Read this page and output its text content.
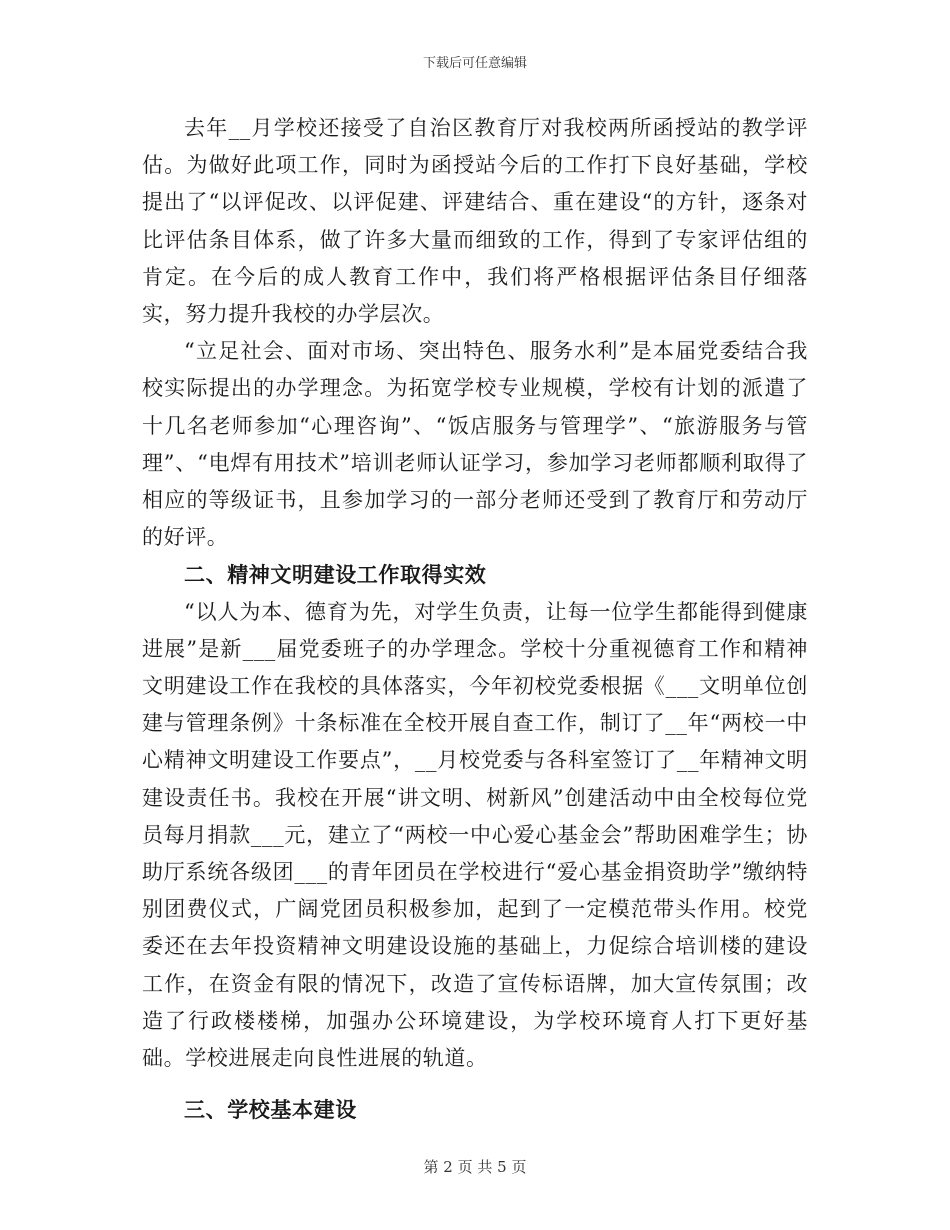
下载后可任意编辑

去年__月学校还接受了自治区教育厅对我校两所函授站的教学评估。为做好此项工作，同时为函授站今后的工作打下良好基础，学校提出了“以评促改、以评促建、评建结合、重在建设“的方针，逐条对比评估条目体系，做了许多大量而细致的工作，得到了专家评估组的肯定。在今后的成人教育工作中，我们将严格根据评估条目仔细落实，努力提升我校的办学层次。

“立足社会、面对市场、突出特色、服务水利”是本届党委结合我校实际提出的办学理念。为拓宽学校专业规模，学校有计划的派遣了十几名老师参加“心理咨询”、“饭店服务与管理学”、“旅游服务与管理”、“电焊有用技术”培训老师认证学习，参加学习老师都顺利取得了相应的等级证书，且参加学习的一部分老师还受到了教育厅和劳动厅的好评。

二、精神文明建设工作取得实效

“以人为本、德育为先，对学生负责，让每一位学生都能得到健康进展”是新___届党委班子的办学理念。学校十分重视德育工作和精神文明建设工作在我校的具体落实，今年初校党委根据《___文明单位创建与管理条例》十条标准在全校开展自查工作，制订了__年“两校一中心精神文明建设工作要点”，__月校党委与各科室签订了__年精神文明建设责任书。我校在开展“讲文明、树新风”创建活动中由全校每位党员每月捐款___元，建立了“两校一中心爱心基金会”帮助困难学生；协助厅系统各级团___的青年团员在学校进行“爱心基金捐资助学”缴纳特别团费仪式，广阔党团员积极参加，起到了一定模范带头作用。校党委还在去年投资精神文明建设设施的基础上，力促综合培训楼的建设工作，在资金有限的情况下，改造了宣传标语牌，加大宣传氛围；改造了行政楼楼梯，加强办公环境建设，为学校环境育人打下更好基础。学校进展走向良性进展的轨道。

三、学校基本建设

第 2 页 共 5 页
